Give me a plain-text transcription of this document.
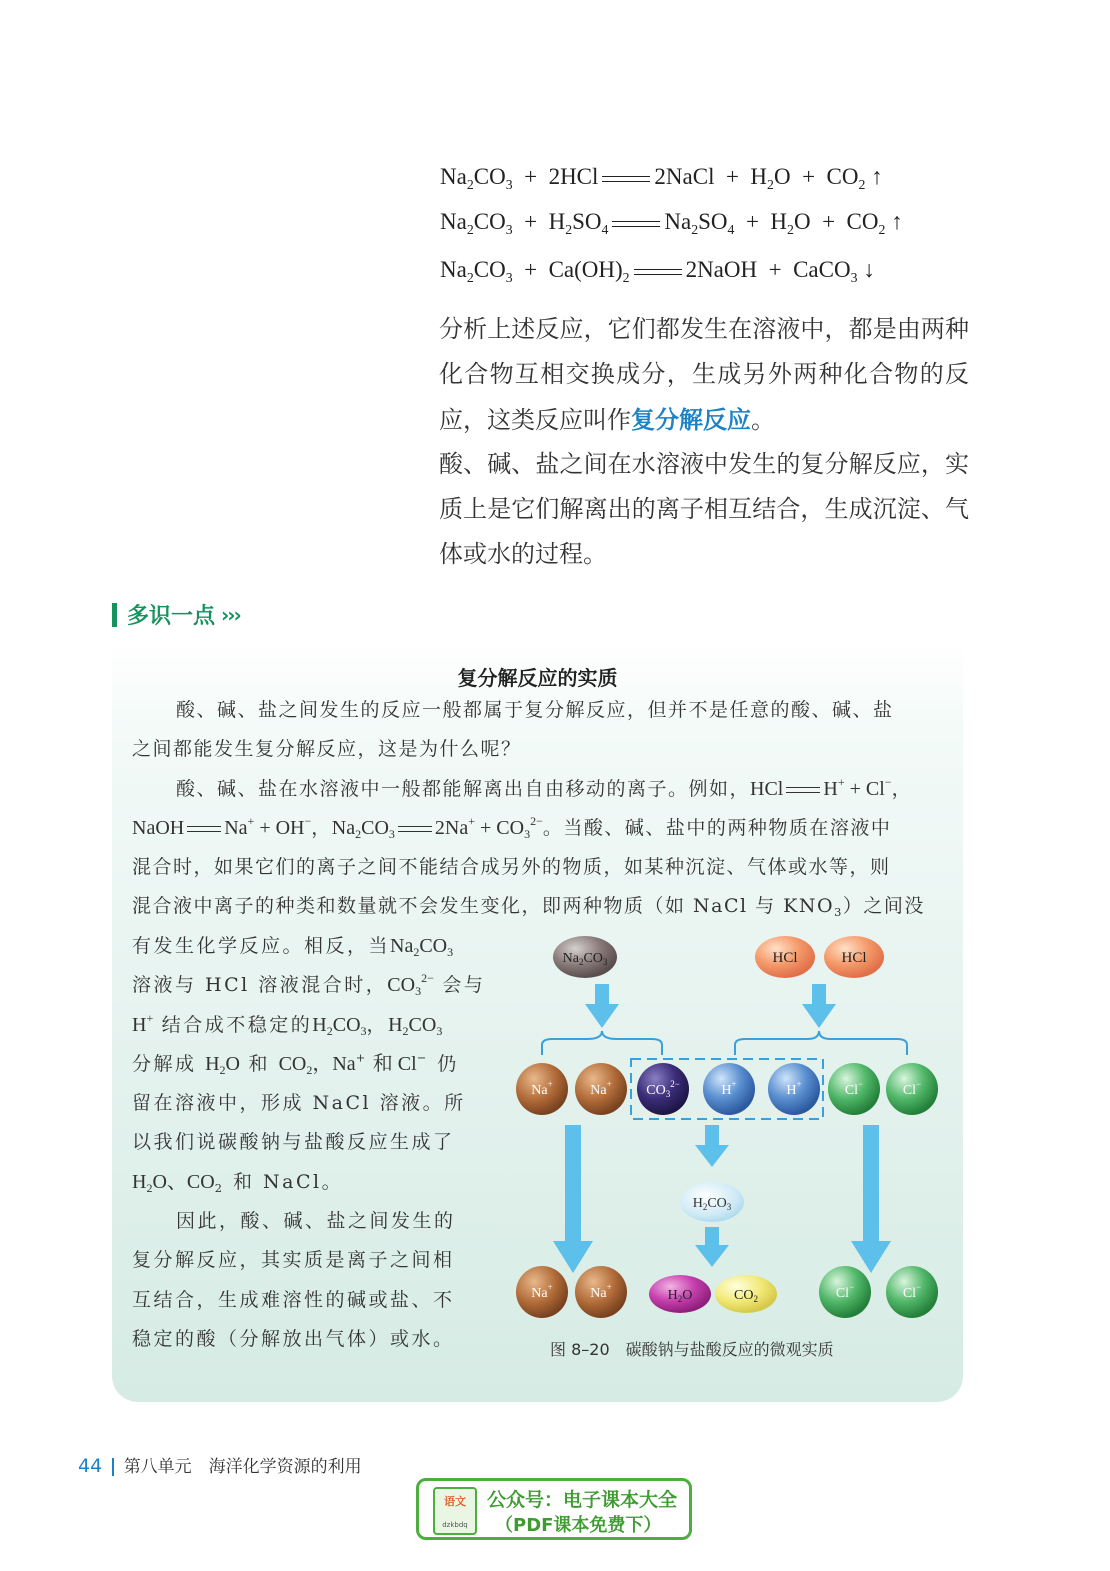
$Na_2CO_3 + 2HCl$ 2NaCl  +  $H_2O + CO_2$ ↑
$Na_2CO_3 + H_2SO_4$ $Na_2SO_4 + H_2O + CO_2$ ↑
$Na_2CO_3 + Ca(OH)_2$ 2NaOH  +  CaCO$_3$ ↓
分析上述反应，它们都发生在溶液中，都是由两种化合物互相交换成分，生成另外两种化合物的反应，这类反应叫作复分解反应。
酸、碱、盐之间在水溶液中发生的复分解反应，实质上是它们解离出的离子相互结合，生成沉淀、气体或水的过程。
多识一点 ›››
复分解反应的实质
酸、碱、盐之间发生的反应一般都属于复分解反应，但并不是任意的酸、碱、盐
之间都能发生复分解反应，这是为什么呢？
酸、碱、盐在水溶液中一般都能解离出自由移动的离子。例如，HCl H+ + Cl−，
NaOH Na+ + OH−，$Na_2CO_3$ $2Na^+ + CO_3^{2-}$。当酸、碱、盐中的两种物质在溶液中
混合时，如果它们的离子之间不能结合成另外的物质，如某种沉淀、气体或水等，则
混合液中离子的种类和数量就不会发生变化，即两种物质（如 NaCl 与 $KNO_3$）之间没
有发生化学反应。相反，当$Na_2CO_3$
溶液与 HCl 溶液混合时，$CO_3^{2-}$ 会与
H+ 结合成不稳定的$H_2CO_3$，$H_2CO_3$
分解成 $H_2O$ 和 $CO_2$，Na+ 和 Cl− 仍
留在溶液中，形成 NaCl 溶液。所
以我们说碳酸钠与盐酸反应生成了
$H_2O$、$CO_2$ 和 NaCl。
因此，酸、碱、盐之间发生的
复分解反应，其实质是离子之间相
互结合，生成难溶性的碱或盐、不
稳定的酸（分解放出气体）或水。
$Na_2CO_3$	HCl	HCl
Na+	Na+ $CO_3^{2-}$	H+	H+	Cl−	Cl−
$H_2CO_3$
Na+	Na+
$H_2O$	$CO_2$	Cl−	Cl−
图 8–20　碳酸钠与盐酸反应的微观实质
44 第八单元　海洋化学资源的利用
语文
dzkbdq
公众号：电子课本大全
（PDF课本免费下）
